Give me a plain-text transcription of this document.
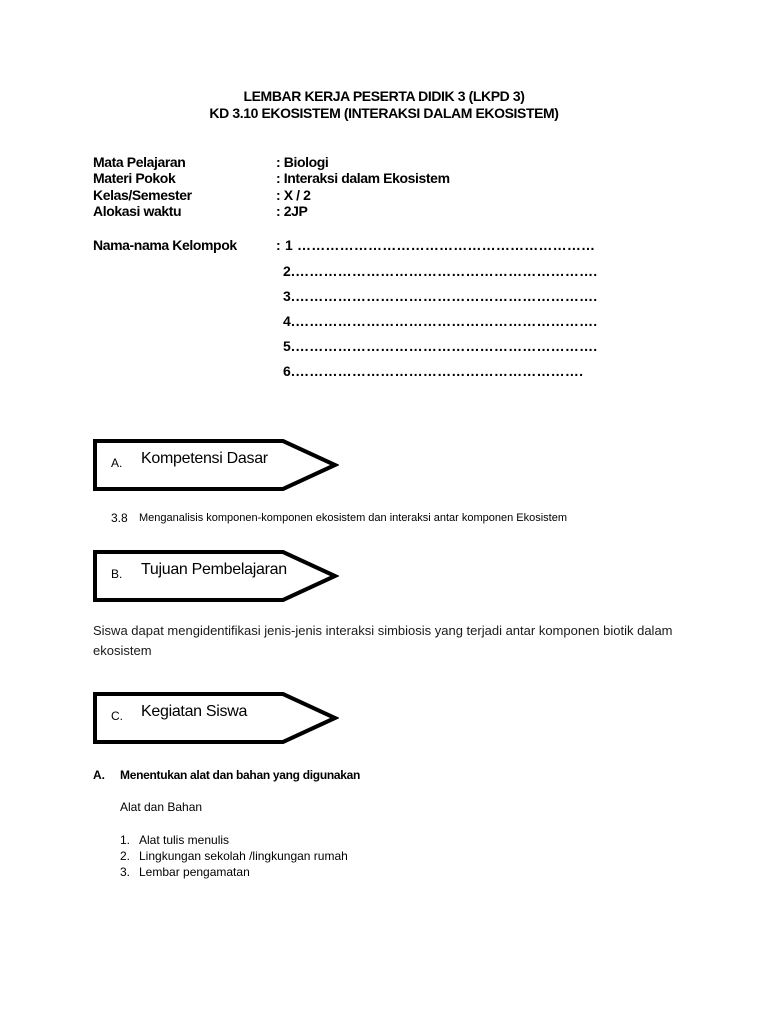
LEMBAR KERJA PESERTA DIDIK 3 (LKPD 3)
KD 3.10 EKOSISTEM (INTERAKSI DALAM EKOSISTEM)
Mata Pelajaran	: Biologi
Materi Pokok	: Interaksi dalam Ekosistem
Kelas/Semester	: X / 2
Alokasi waktu	: 2JP
Nama-nama Kelompok	: 1 ………………………………………………………
2.……………………………………………………….
3.……………………………………………………….
4.……………………………………………………….
5.……………………………………………………….
6.…………………………………………………….
A. Kompetensi Dasar
3.8 Menganalisis komponen-komponen ekosistem dan interaksi antar komponen Ekosistem
B. Tujuan Pembelajaran
Siswa dapat mengidentifikasi jenis-jenis interaksi simbiosis yang terjadi antar komponen biotik dalam
ekosistem
C. Kegiatan Siswa
A. Menentukan alat dan bahan yang digunakan
Alat dan Bahan
1. Alat tulis menulis
2. Lingkungan sekolah /lingkungan rumah
3. Lembar pengamatan
